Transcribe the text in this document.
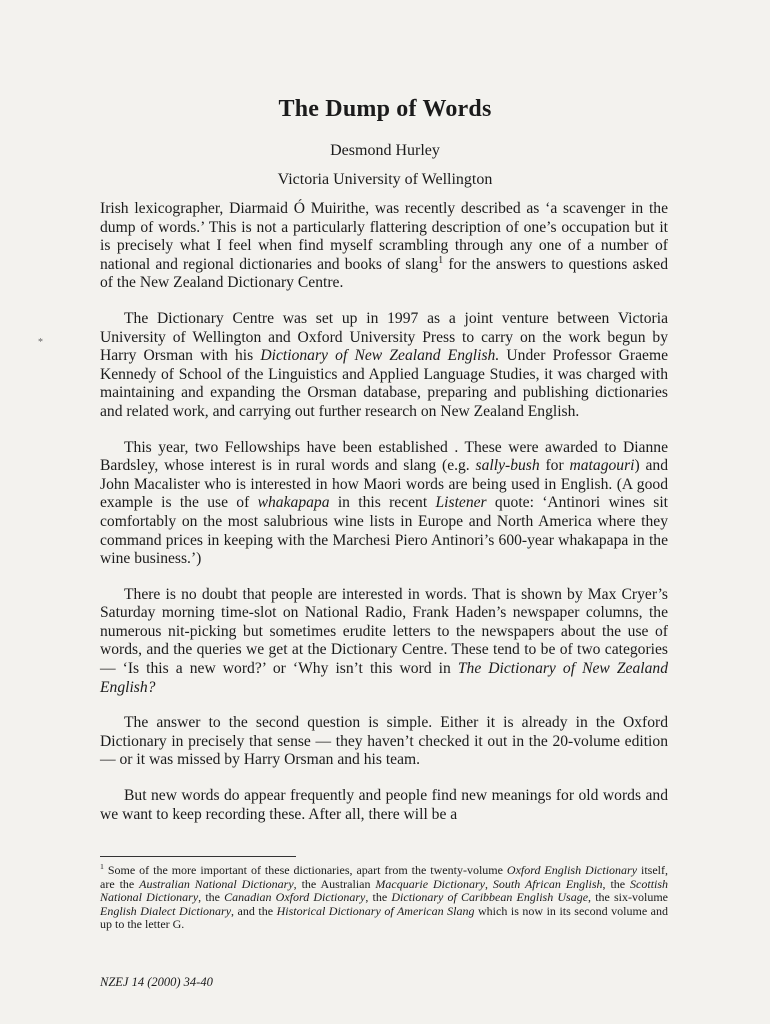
The Dump of Words
Desmond Hurley
Victoria University of Wellington
*

Irish lexicographer, Diarmaid Ó Muirithe, was recently described as ‘a scavenger in the dump of words.’ This is not a particularly flattering description of one’s occupation but it is precisely what I feel when find myself scrambling through any one of a number of national and regional dictionaries and books of slang$^1$ for the answers to questions asked of the New Zealand Dictionary Centre.

The Dictionary Centre was set up in 1997 as a joint venture between Victoria University of Wellington and Oxford University Press to carry on the work begun by Harry Orsman with his Dictionary of New Zealand English. Under Professor Graeme Kennedy of School of the Linguistics and Applied Language Studies, it was charged with maintaining and expanding the Orsman database, preparing and publishing dictionaries and related work, and carrying out further research on New Zealand English.

This year, two Fellowships have been established . These were awarded to Dianne Bardsley, whose interest is in rural words and slang (e.g. sally-bush for matagouri) and John Macalister who is interested in how Maori words are being used in English. (A good example is the use of whakapapa in this recent Listener quote: ‘Antinori wines sit comfortably on the most salubrious wine lists in Europe and North America where they command prices in keeping with the Marchesi Piero Antinori’s 600-year whakapapa in the wine business.’)

There is no doubt that people are interested in words. That is shown by Max Cryer’s Saturday morning time-slot on National Radio, Frank Haden’s newspaper columns, the numerous nit-picking but sometimes erudite letters to the newspapers about the use of words, and the queries we get at the Dictionary Centre. These tend to be of two categories — ‘Is this a new word?’ or ‘Why isn’t this word in The Dictionary of New Zealand English?

The answer to the second question is simple. Either it is already in the Oxford Dictionary in precisely that sense — they haven’t checked it out in the 20-volume edition — or it was missed by Harry Orsman and his team.

But new words do appear frequently and people find new meanings for old words and we want to keep recording these. After all, there will be a

$^1$ Some of the more important of these dictionaries, apart from the twenty-volume Oxford English Dictionary itself, are the Australian National Dictionary, the Australian Macquarie Dictionary, South African English, the Scottish National Dictionary, the Canadian Oxford Dictionary, the Dictionary of Caribbean English Usage, the six-volume English Dialect Dictionary, and the Historical Dictionary of American Slang which is now in its second volume and up to the letter G.
NZEJ 14 (2000) 34-40
